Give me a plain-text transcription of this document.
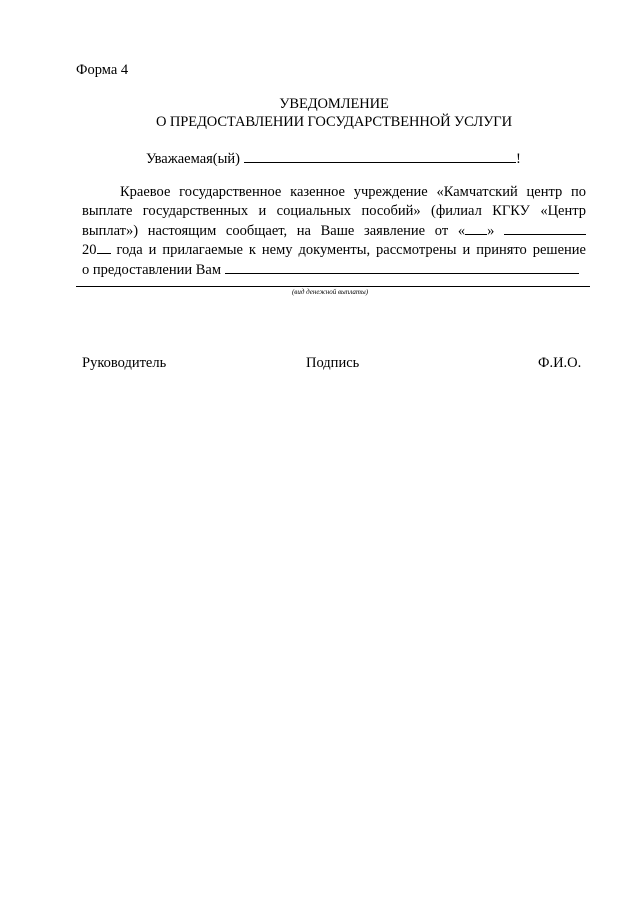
Форма 4
УВЕДОМЛЕНИЕ
О ПРЕДОСТАВЛЕНИИ ГОСУДАРСТВЕННОЙ УСЛУГИ
Уважаемая(ый)	!
Краевое государственное казенное учреждение «Камчатский центр по
выплате государственных и социальных пособий» (филиал КГКУ «Центр
выплат») настоящим сообщает, на Ваше заявление от « »
20 года и прилагаемые к нему документы, рассмотрены и принято решение
о предоставлении Вам
(вид денежной выплаты)
Руководитель	Подпись	Ф.И.О.
